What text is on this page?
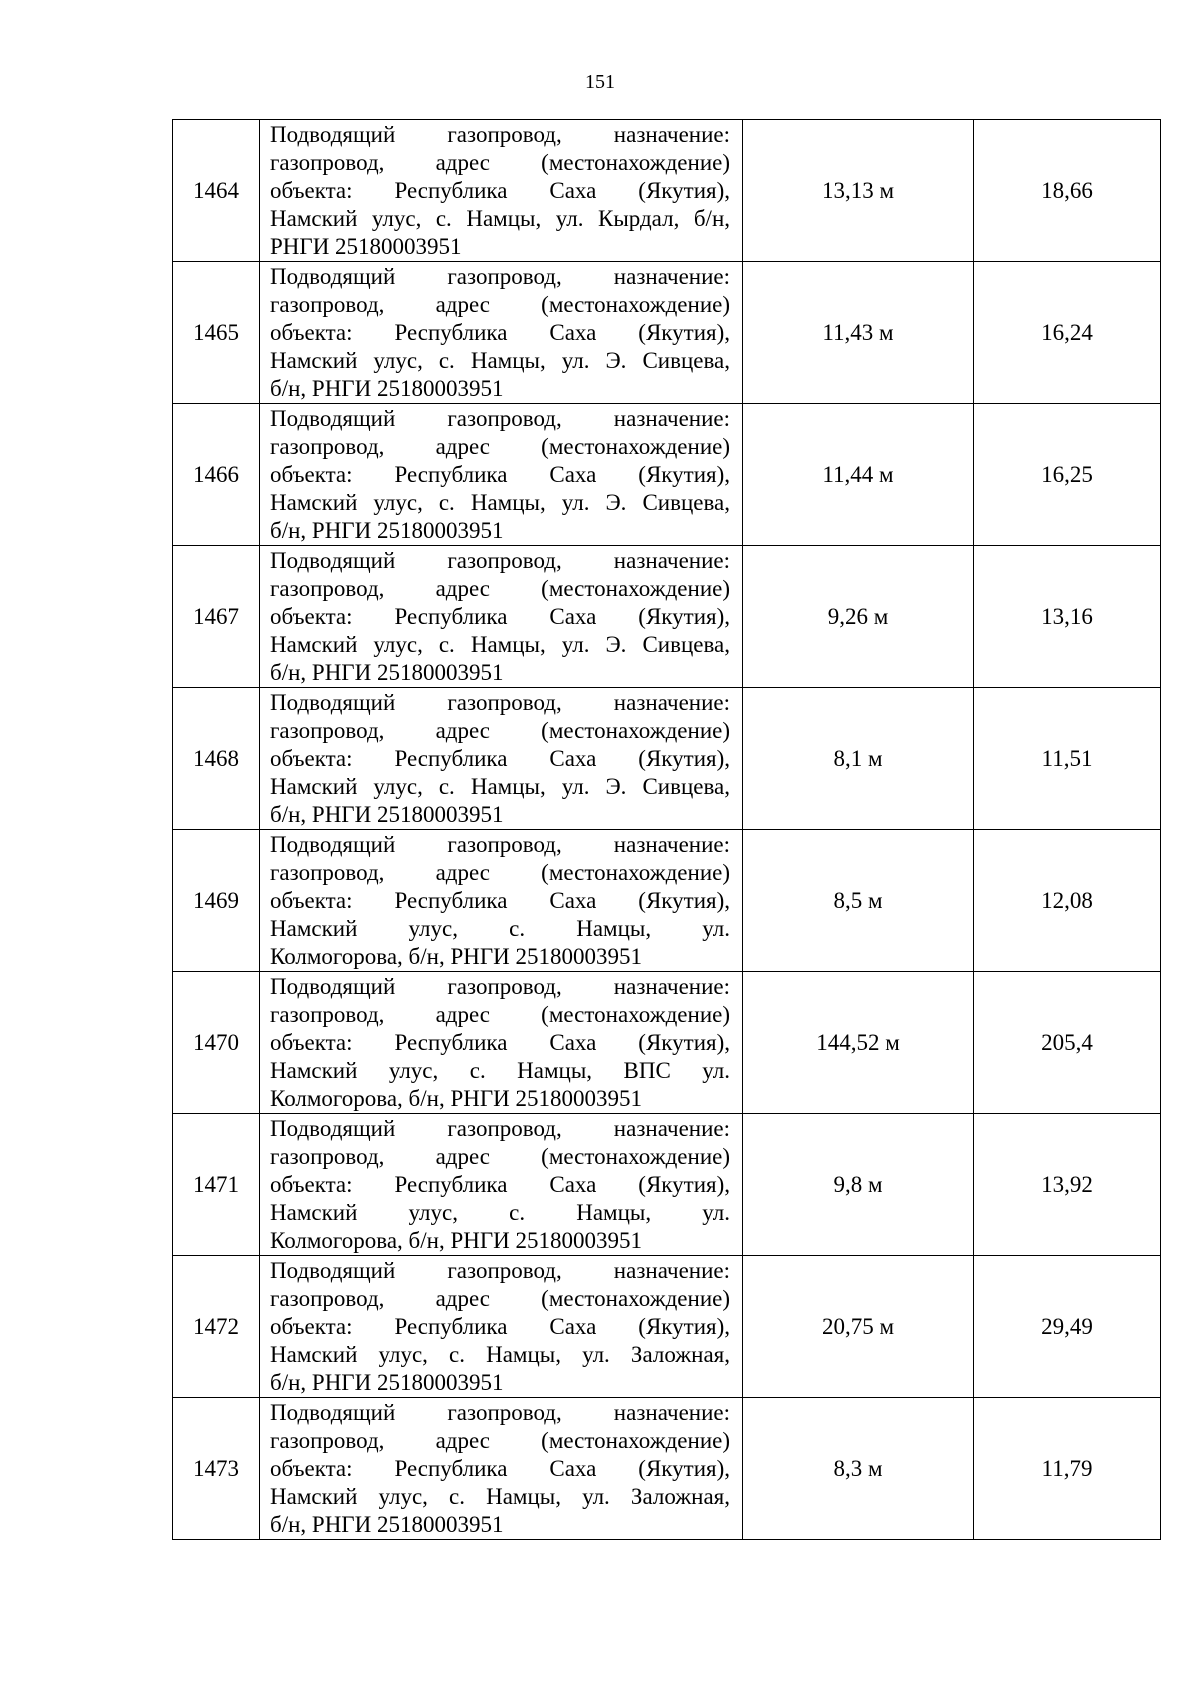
151
1464	Подводящий газопровод, назначение:
газопровод, адрес (местонахождение)
объекта: Республика Саха (Якутия),
Намский улус, с. Намцы, ул. Кырдал, б/н,
РНГИ 25180003951	13,13 м	18,66
1465	Подводящий газопровод, назначение:
газопровод, адрес (местонахождение)
объекта: Республика Саха (Якутия),
Намский улус, с. Намцы, ул. Э. Сивцева,
б/н, РНГИ 25180003951	11,43 м	16,24
1466	Подводящий газопровод, назначение:
газопровод, адрес (местонахождение)
объекта: Республика Саха (Якутия),
Намский улус, с. Намцы, ул. Э. Сивцева,
б/н, РНГИ 25180003951	11,44 м	16,25
1467	Подводящий газопровод, назначение:
газопровод, адрес (местонахождение)
объекта: Республика Саха (Якутия),
Намский улус, с. Намцы, ул. Э. Сивцева,
б/н, РНГИ 25180003951	9,26 м	13,16
1468	Подводящий газопровод, назначение:
газопровод, адрес (местонахождение)
объекта: Республика Саха (Якутия),
Намский улус, с. Намцы, ул. Э. Сивцева,
б/н, РНГИ 25180003951	8,1 м	11,51
1469	Подводящий газопровод, назначение:
газопровод, адрес (местонахождение)
объекта: Республика Саха (Якутия),
Намский улус, с. Намцы, ул.
Колмогорова, б/н, РНГИ 25180003951	8,5 м	12,08
1470	Подводящий газопровод, назначение:
газопровод, адрес (местонахождение)
объекта: Республика Саха (Якутия),
Намский улус, с. Намцы, ВПС ул.
Колмогорова, б/н, РНГИ 25180003951	144,52 м	205,4
1471	Подводящий газопровод, назначение:
газопровод, адрес (местонахождение)
объекта: Республика Саха (Якутия),
Намский улус, с. Намцы, ул.
Колмогорова, б/н, РНГИ 25180003951	9,8 м	13,92
1472	Подводящий газопровод, назначение:
газопровод, адрес (местонахождение)
объекта: Республика Саха (Якутия),
Намский улус, с. Намцы, ул. Заложная,
б/н, РНГИ 25180003951	20,75 м	29,49
1473	Подводящий газопровод, назначение:
газопровод, адрес (местонахождение)
объекта: Республика Саха (Якутия),
Намский улус, с. Намцы, ул. Заложная,
б/н, РНГИ 25180003951	8,3 м	11,79
